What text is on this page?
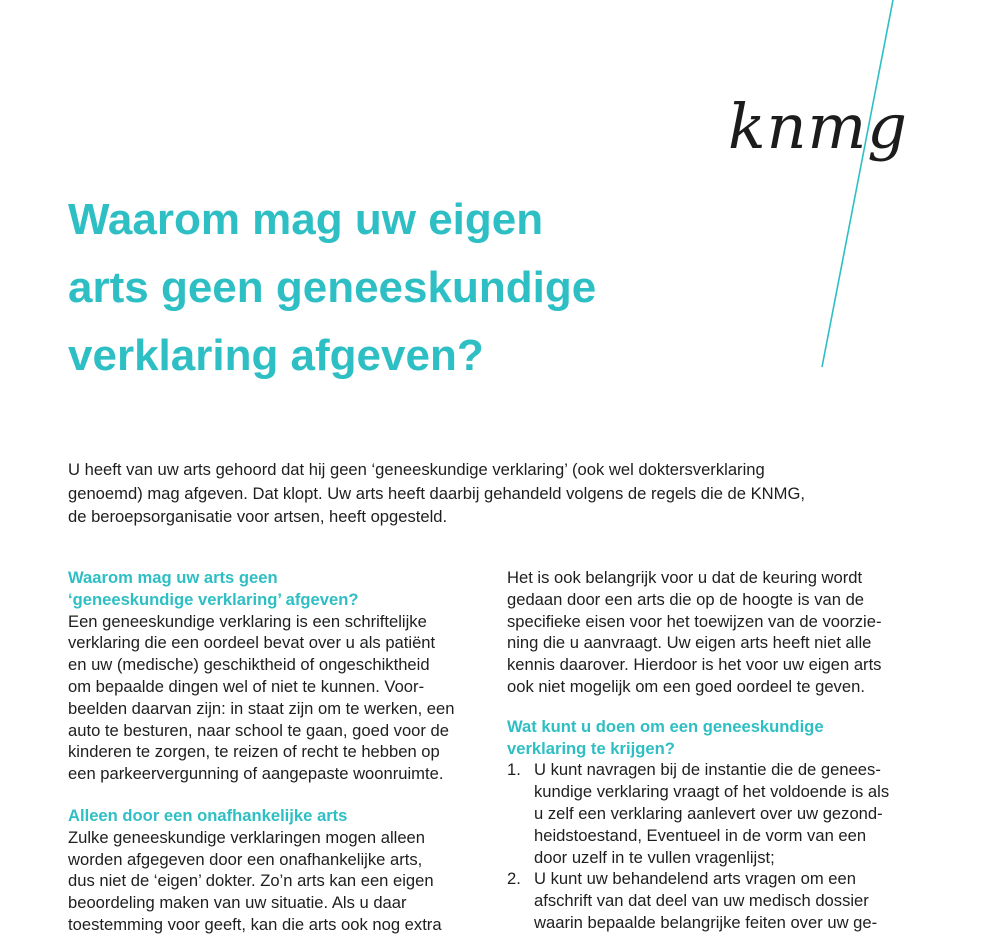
knmg
Waarom mag uw eigen
arts geen geneeskundige
verklaring afgeven?
U heeft van uw arts gehoord dat hij geen ‘geneeskundige verklaring’ (ook wel doktersverklaring
genoemd) mag afgeven. Dat klopt. Uw arts heeft daarbij gehandeld volgens de regels die de KNMG,
de beroepsorganisatie voor artsen, heeft opgesteld.
Waarom mag uw arts geen
‘geneeskundige verklaring’ afgeven?
Een geneeskundige verklaring is een schriftelijke
verklaring die een oordeel bevat over u als patiënt
en uw (medische) geschiktheid of ongeschiktheid
om bepaalde dingen wel of niet te kunnen. Voor-
beelden daarvan zijn: in staat zijn om te werken, een
auto te besturen, naar school te gaan, goed voor de
kinderen te zorgen, te reizen of recht te hebben op
een parkeervergunning of aangepaste woonruimte.
Alleen door een onafhankelijke arts
Zulke geneeskundige verklaringen mogen alleen
worden afgegeven door een onafhankelijke arts,
dus niet de ‘eigen’ dokter. Zo’n arts kan een eigen
beoordeling maken van uw situatie. Als u daar
toestemming voor geeft, kan die arts ook nog extra
Het is ook belangrijk voor u dat de keuring wordt
gedaan door een arts die op de hoogte is van de
specifieke eisen voor het toewijzen van de voorzie-
ning die u aanvraagt. Uw eigen arts heeft niet alle
kennis daarover. Hierdoor is het voor uw eigen arts
ook niet mogelijk om een goed oordeel te geven.
Wat kunt u doen om een geneeskundige
verklaring te krijgen?
1. U kunt navragen bij de instantie die de genees-
kundige verklaring vraagt of het voldoende is als
u zelf een verklaring aanlevert over uw gezond-
heidstoestand, Eventueel in de vorm van een
door uzelf in te vullen vragenlijst;
2. U kunt uw behandelend arts vragen om een
afschrift van dat deel van uw medisch dossier
waarin bepaalde belangrijke feiten over uw ge-
